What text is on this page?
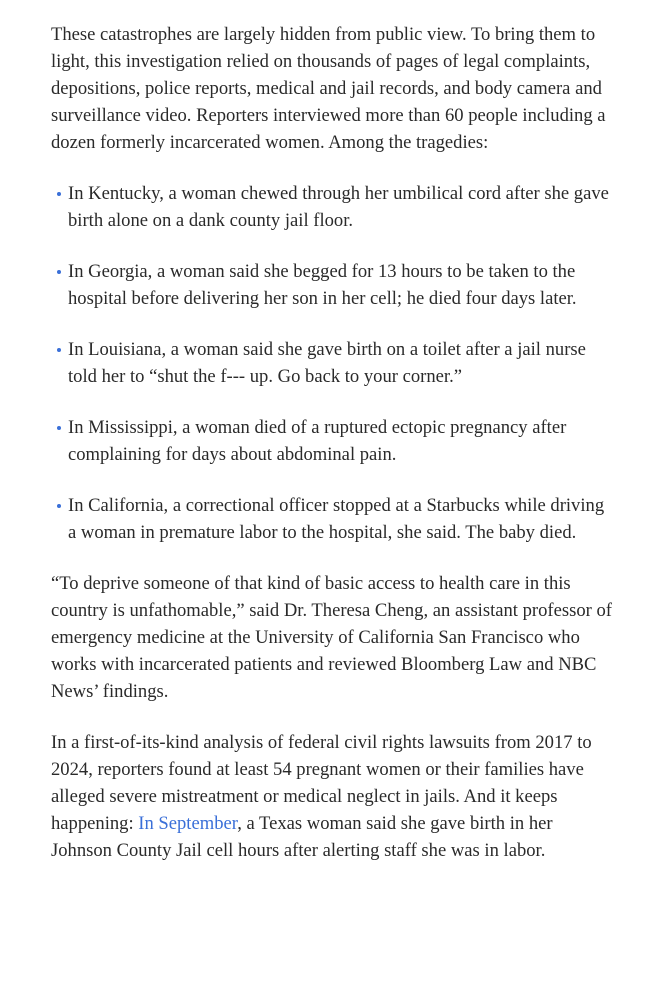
These catastrophes are largely hidden from public view. To bring them to light, this investigation relied on thousands of pages of legal complaints, depositions, police reports, medical and jail records, and body camera and surveillance video. Reporters interviewed more than 60 people including a dozen formerly incarcerated women. Among the tragedies:

In Kentucky, a woman chewed through her umbilical cord after she gave birth alone on a dank county jail floor.
In Georgia, a woman said she begged for 13 hours to be taken to the hospital before delivering her son in her cell; he died four days later.
In Louisiana, a woman said she gave birth on a toilet after a jail nurse told her to “shut the f--- up. Go back to your corner.”
In Mississippi, a woman died of a ruptured ectopic pregnancy after complaining for days about abdominal pain.
In California, a correctional officer stopped at a Starbucks while driving a woman in premature labor to the hospital, she said. The baby died.

“To deprive someone of that kind of basic access to health care in this country is unfathomable,” said Dr. Theresa Cheng, an assistant professor of emergency medicine at the University of California San Francisco who works with incarcerated patients and reviewed Bloomberg Law and NBC News’ findings.

In a first-of-its-kind analysis of federal civil rights lawsuits from 2017 to 2024, reporters found at least 54 pregnant women or their families have alleged severe mistreatment or medical neglect in jails. And it keeps happening: In September, a Texas woman said she gave birth in her Johnson County Jail cell hours after alerting staff she was in labor.
